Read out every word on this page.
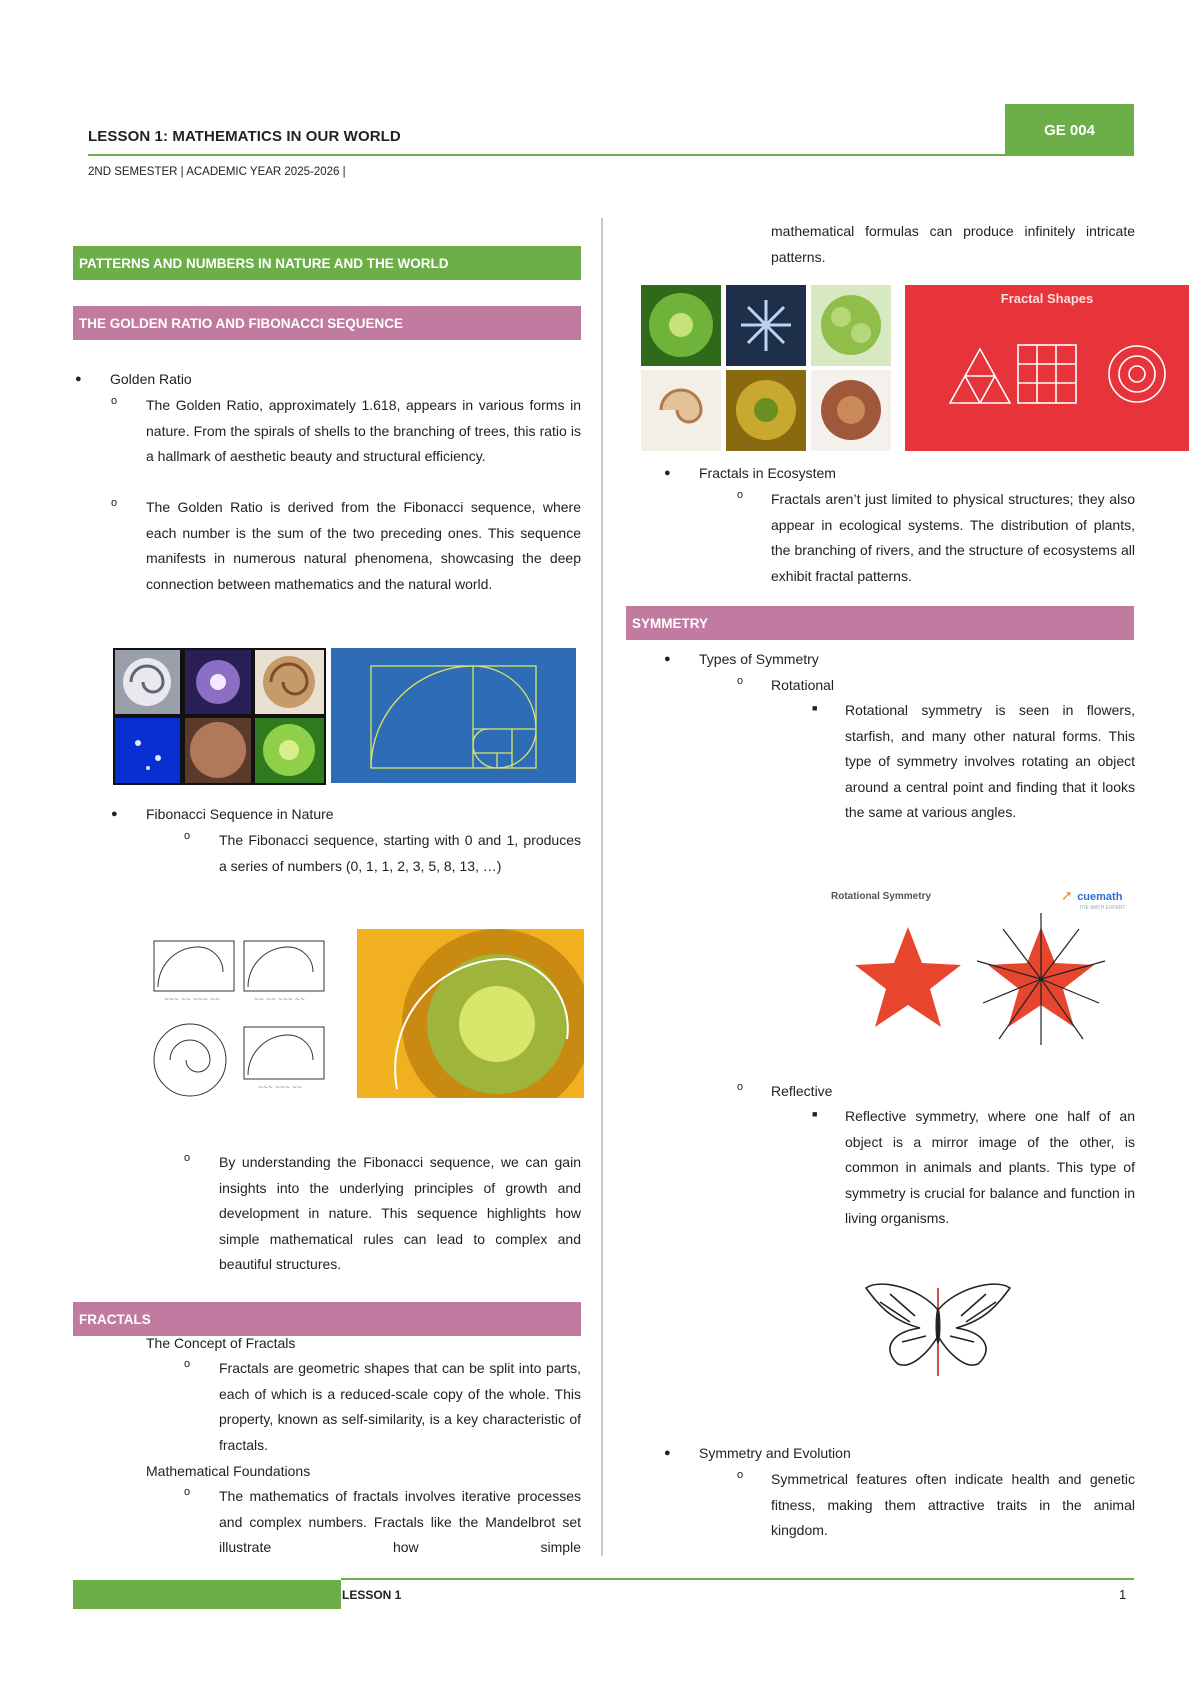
LESSON 1: MATHEMATICS IN OUR WORLD	GE 004
2ND SEMESTER | ACADEMIC YEAR 2025-2026 |
PATTERNS AND NUMBERS IN NATURE AND THE WORLD
THE GOLDEN RATIO AND FIBONACCI SEQUENCE
● Golden Ratio
o The Golden Ratio, approximately 1.618, appears in various forms in nature. From the spirals of shells to the branching of trees, this ratio is a hallmark of aesthetic beauty and structural efficiency.
o The Golden Ratio is derived from the Fibonacci sequence, where each number is the sum of the two preceding ones. This sequence manifests in numerous natural phenomena, showcasing the deep connection between mathematics and the natural world.
● Fibonacci Sequence in Nature
o The Fibonacci sequence, starting with 0 and 1, produces a series of numbers (0, 1, 1, 2, 3, 5, 8, 13, …)
~~~ ~~ ~~~ ~~	~~ ~~ ~~~ ~~
~~~ ~~~ ~~
o By understanding the Fibonacci sequence, we can gain insights into the underlying principles of growth and development in nature. This sequence highlights how simple mathematical rules can lead to complex and beautiful structures.
FRACTALS
The Concept of Fractals
o Fractals are geometric shapes that can be split into parts, each of which is a reduced-scale copy of the whole. This property, known as self-similarity, is a key characteristic of fractals.
Mathematical Foundations
o The mathematics of fractals involves iterative processes and complex numbers. Fractals like the Mandelbrot set illustrate how simple
mathematical formulas can produce infinitely intricate patterns.
Fractal Shapes
● Fractals in Ecosystem
o Fractals aren’t just limited to physical structures; they also appear in ecological systems. The distribution of plants, the branching of rivers, and the structure of ecosystems all exhibit fractal patterns.
SYMMETRY
● Types of Symmetry
o Rotational
■ Rotational symmetry is seen in flowers, starfish, and many other natural forms. This type of symmetry involves rotating an object around a central point and finding that it looks the same at various angles.
Rotational Symmetry	➚ cuemath
THE MATH EXPERT
o Reflective
■ Reflective symmetry, where one half of an object is a mirror image of the other, is common in animals and plants. This type of symmetry is crucial for balance and function in living organisms.
● Symmetry and Evolution
o Symmetrical features often indicate health and genetic fitness, making them attractive traits in the animal kingdom.
LESSON 1	1
